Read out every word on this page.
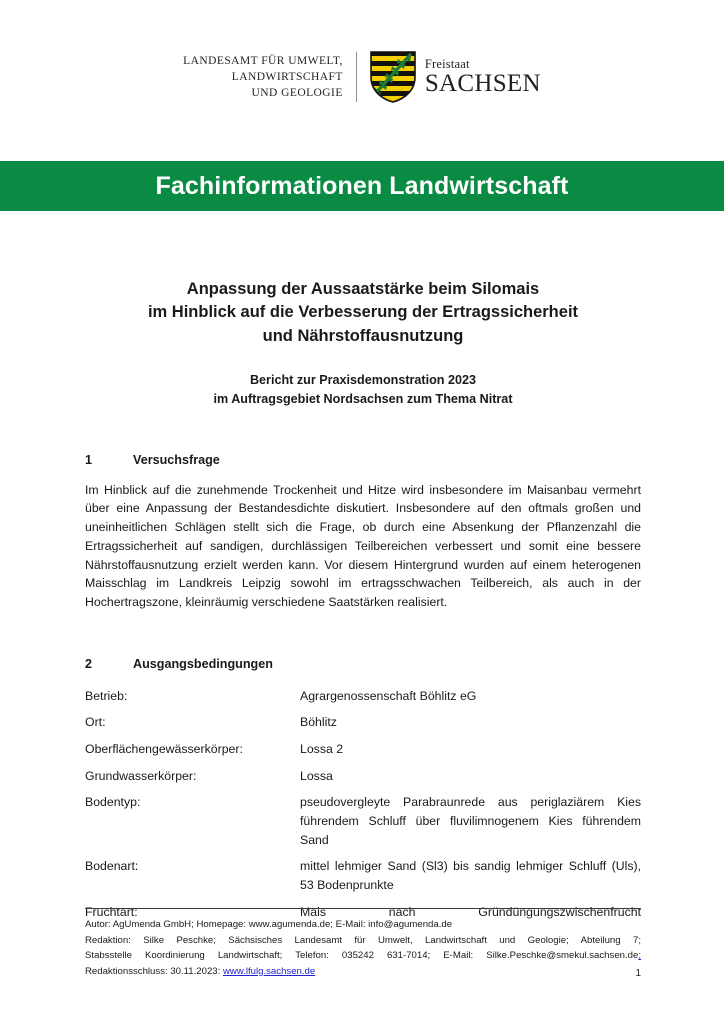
LANDESAMT FÜR UMWELT,
LANDWIRTSCHAFT
UND GEOLOGIE
Freistaat
SACHSEN
Fachinformationen Landwirtschaft
Anpassung der Aussaatstärke beim Silomais
im Hinblick auf die Verbesserung der Ertragssicherheit
und Nährstoffausnutzung
Bericht zur Praxisdemonstration 2023
im Auftragsgebiet Nordsachsen zum Thema Nitrat
1	Versuchsfrage

Im Hinblick auf die zunehmende Trockenheit und Hitze wird insbesondere im Maisanbau vermehrt über eine Anpassung der Bestandesdichte diskutiert. Insbesondere auf den oftmals großen und uneinheitlichen Schlägen stellt sich die Frage, ob durch eine Absenkung der Pflanzenzahl die Ertragssicherheit auf sandigen, durchlässigen Teilbereichen verbessert und somit eine bessere Nährstoffausnutzung erzielt werden kann. Vor diesem Hintergrund wurden auf einem heterogenen Maisschlag im Landkreis Leipzig sowohl im ertragsschwachen Teilbereich, als auch in der Hochertragszone, kleinräumig verschiedene Saatstärken realisiert.

2	Ausgangsbedingungen
Betrieb:	Agrargenossenschaft Böhlitz eG
Ort:	Böhlitz
Oberflächengewässerkörper:	Lossa 2
Grundwasserkörper:	Lossa
Bodentyp:	pseudovergleyte Parabraunrede aus periglaziärem Kies führendem Schluff über fluvilimnogenem Kies führendem Sand
Bodenart:	mittel lehmiger Sand (Sl3) bis sandig lehmiger Schluff (Uls), 53 Bodenprunkte
Fruchtart:	Mais nach Gründüngungszwischenfrucht
Autor: AgUmenda GmbH; Homepage: www.agumenda.de; E-Mail: info@agumenda.de
Redaktion: Silke Peschke; Sächsisches Landesamt für Umwelt, Landwirtschaft und Geologie; Abteilung 7;
Stabsstelle Koordinierung Landwirtschaft; Telefon: 035242 631-7014; E-Mail: Silke.Peschke@smekul.sachsen.de;
Redaktionsschluss: 30.11.2023: www.lfulg.sachsen.de	1
